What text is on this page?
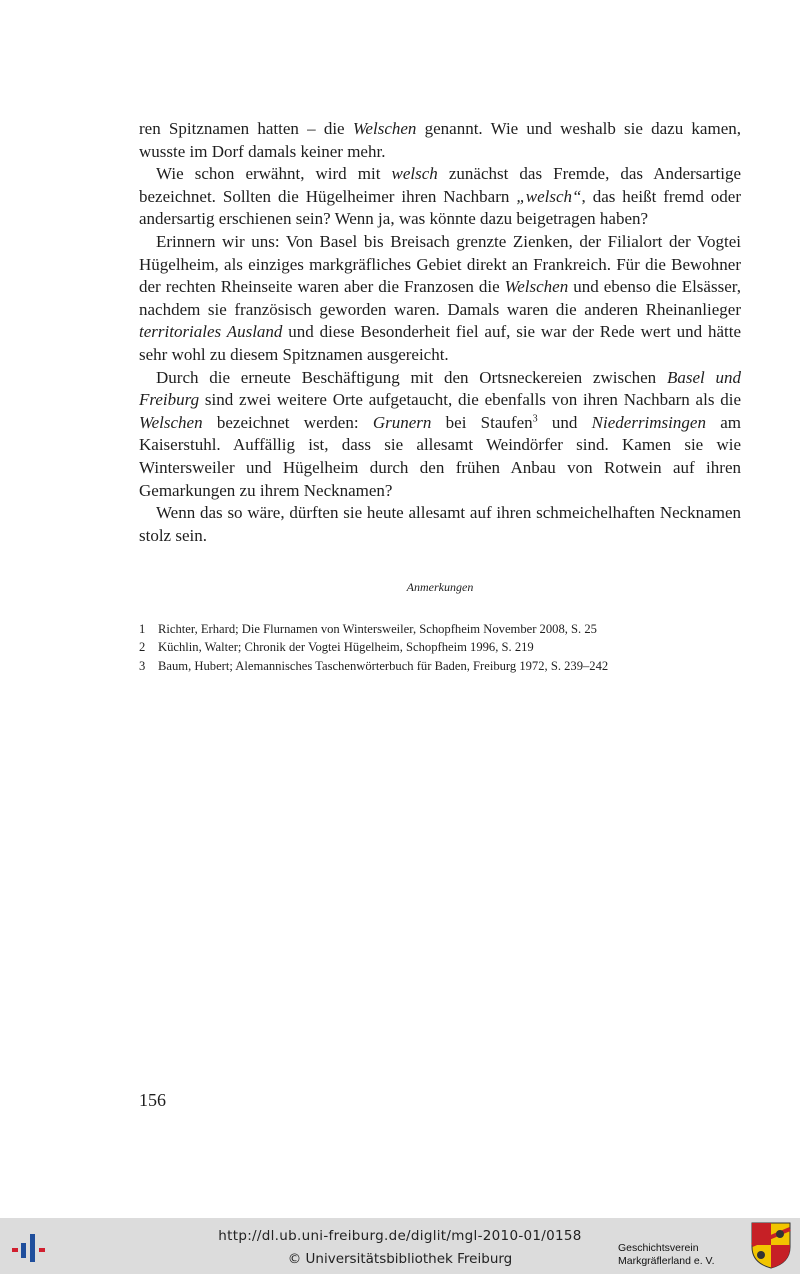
ren Spitznamen hatten – die Welschen genannt. Wie und weshalb sie dazu kamen, wusste im Dorf damals keiner mehr.

Wie schon erwähnt, wird mit welsch zunächst das Fremde, das Andersartige bezeichnet. Sollten die Hügelheimer ihren Nachbarn „welsch“, das heißt fremd oder andersartig erschienen sein? Wenn ja, was könnte dazu beigetragen haben?

Erinnern wir uns: Von Basel bis Breisach grenzte Zienken, der Filialort der Vogtei Hügelheim, als einziges markgräfliches Gebiet direkt an Frankreich. Für die Bewohner der rechten Rheinseite waren aber die Franzosen die Welschen und ebenso die Elsässer, nachdem sie französisch geworden waren. Damals waren die anderen Rheinanlieger territoriales Ausland und diese Besonderheit fiel auf, sie war der Rede wert und hätte sehr wohl zu diesem Spitznamen ausgereicht.

Durch die erneute Beschäftigung mit den Ortsneckereien zwischen Basel und Freiburg sind zwei weitere Orte aufgetaucht, die ebenfalls von ihren Nachbarn als die Welschen bezeichnet werden: Grunern bei Staufen$^3$ und Niederrimsingen am Kaiserstuhl. Auffällig ist, dass sie allesamt Weindörfer sind. Kamen sie wie Wintersweiler und Hügelheim durch den frühen Anbau von Rotwein auf ihren Gemarkungen zu ihrem Necknamen?

Wenn das so wäre, dürften sie heute allesamt auf ihren schmeichelhaften Necknamen stolz sein.

Anmerkungen
1 Richter, Erhard; Die Flurnamen von Wintersweiler, Schopfheim November 2008, S. 25
2 Küchlin, Walter; Chronik der Vogtei Hügelheim, Schopfheim 1996, S. 219
3 Baum, Hubert; Alemannisches Taschenwörterbuch für Baden, Freiburg 1972, S. 239–242
156
http://dl.ub.uni-freiburg.de/diglit/mgl-2010-01/0158
© Universitätsbibliothek Freiburg
Geschichtsverein
Markgräflerland e. V.
